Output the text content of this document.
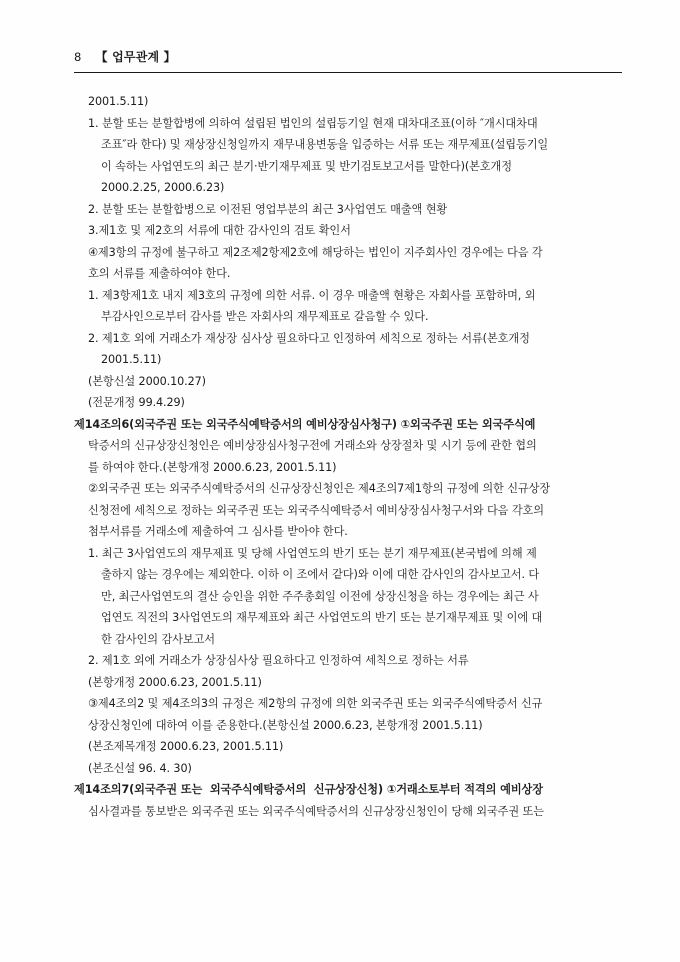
8 【 업무관계 】
2001.5.11)
1. 분할 또는 분할합병에 의하여 설립된 법인의 설립등기일 현재 대차대조표(이하 ″개시대차대
조표″라 한다) 및 재상장신청일까지 재무내용변동을 입증하는 서류 또는 재무제표(설립등기일
이 속하는 사업연도의 최근 분기·반기재무제표 및 반기검토보고서를 말한다)(본호개정
2000.2.25, 2000.6.23)
2. 분할 또는 분할합병으로 이전된 영업부분의 최근 3사업연도 매출액 현황
3.제1호 및 제2호의 서류에 대한 감사인의 검토 확인서
④제3항의 규정에 불구하고 제2조제2항제2호에 해당하는 법인이 지주회사인 경우에는 다음 각
호의 서류를 제출하여야 한다.
1. 제3항제1호 내지 제3호의 규정에 의한 서류. 이 경우 매출액 현황은 자회사를 포함하며, 외
부감사인으로부터 감사를 받은 자회사의 재무제표로 갈음할 수 있다.
2. 제1호 외에 거래소가 재상장 심사상 필요하다고 인정하여 세칙으로 정하는 서류(본호개정
2001.5.11)
(본항신설 2000.10.27)
(전문개정 99.4.29)
제14조의6(외국주권 또는 외국주식예탁증서의 예비상장심사청구) ①외국주권 또는 외국주식예
탁증서의 신규상장신청인은 예비상장심사청구전에 거래소와 상장절차 및 시기 등에 관한 협의
를 하여야 한다.(본항개정 2000.6.23, 2001.5.11)
②외국주권 또는 외국주식예탁증서의 신규상장신청인은 제4조의7제1항의 규정에 의한 신규상장
신청전에 세칙으로 정하는 외국주권 또는 외국주식예탁증서 예비상장심사청구서와 다음 각호의
첨부서류를 거래소에 제출하여 그 심사를 받아야 한다.
1. 최근 3사업연도의 재무제표 및 당해 사업연도의 반기 또는 분기 재무제표(본국법에 의해 제
출하지 않는 경우에는 제외한다. 이하 이 조에서 같다)와 이에 대한 감사인의 감사보고서. 다
만, 최근사업연도의 결산 승인을 위한 주주총회일 이전에 상장신청을 하는 경우에는 최근 사
업연도 직전의 3사업연도의 재무제표와 최근 사업연도의 반기 또는 분기재무제표 및 이에 대
한 감사인의 감사보고서
2. 제1호 외에 거래소가 상장심사상 필요하다고 인정하여 세칙으로 정하는 서류
(본항개정 2000.6.23, 2001.5.11)
③제4조의2 및 제4조의3의 규정은 제2항의 규정에 의한 외국주권 또는 외국주식예탁증서 신규
상장신청인에 대하여 이를 준용한다.(본항신설 2000.6.23, 본항개정 2001.5.11)
(본조제목개정 2000.6.23, 2001.5.11)
(본조신설 96. 4. 30)
제14조의7(외국주권 또는  외국주식예탁증서의  신규상장신청) ①거래소토부터 적격의 예비상장
심사결과를 통보받은 외국주권 또는 외국주식예탁증서의 신규상장신청인이 당해 외국주권 또는
